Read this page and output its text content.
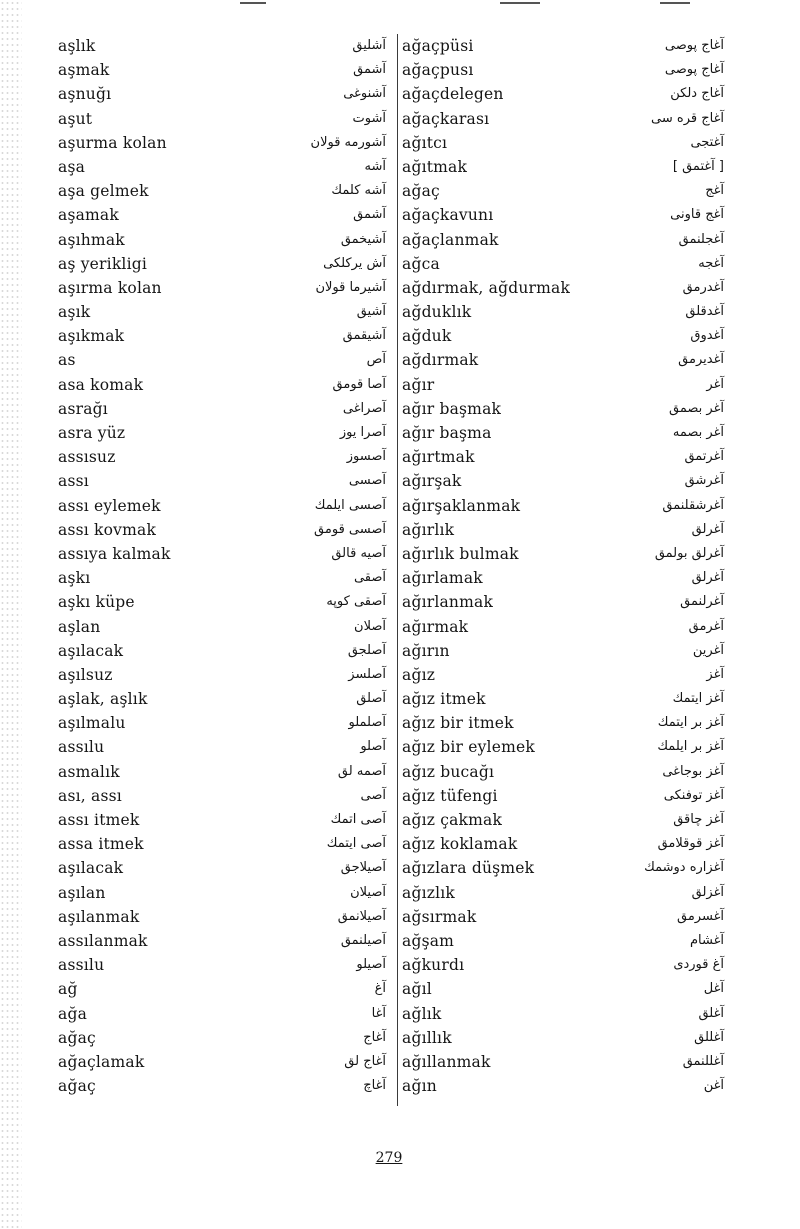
aşlık	آشليق
aşmak	آشمق
aşnuğı	آشنوغى
aşut	آشوت
aşurma kolan	آشورمه قولان
aşa	آشه
aşa gelmek	آشه كلمك
aşamak	آشمق
aşıhmak	آشيخمق
aş yerikligi	آش يركلكى
aşırma kolan	آشيرما قولان
aşık	آشيق
aşıkmak	آشيقمق
as	آص
asa komak	آصا قومق
asrağı	آصراغى
asra yüz	آصرا يوز
assısuz	آصسوز
assı	آصسى
assı eylemek	آصسى ايلمك
assı kovmak	آصسى قومق
assıya kalmak	آصيه قالق
aşkı	آصقى
aşkı küpe	آصقى كوپه
aşlan	آصلان
aşılacak	آصلجق
aşılsuz	آصلسز
aşlak, aşlık	آصلق
aşılmalu	آصلملو
assılu	آصلو
asmalık	آصمه لق
ası, assı	آصى
assı itmek	آصى اتمك
assa itmek	آصى ايتمك
aşılacak	آصيلاجق
aşılan	آصيلان
aşılanmak	آصيلانمق
assılanmak	آصيلنمق
assılu	آصيلو
ağ	آغ
ağa	آغا
ağaç	آغاج
ağaçlamak	آغاج لق
ağaç	آغاچ
ağaçpüsi	آغاج پوصى
ağaçpusı	آغاج پوصى
ağaçdelegen	آغاج دلكن
ağaçkarası	آغاج قره سى
ağıtcı	آغتجى
ağıtmak	[ آغتمق ]
ağaç	آغج
ağaçkavunı	آغج قاونى
ağaçlanmak	آغجلنمق
ağca	آغجه
ağdırmak, ağdurmak	آغدرمق
ağduklık	آغدقلق
ağduk	آغدوق
ağdırmak	آغديرمق
ağır	آغر
ağır başmak	آغر بصمق
ağır başma	آغر بصمه
ağırtmak	آغرتمق
ağırşak	آغرشق
ağırşaklanmak	آغرشقلنمق
ağırlık	آغرلق
ağırlık bulmak	آغرلق بولمق
ağırlamak	آغرلق
ağırlanmak	آغرلنمق
ağırmak	آغرمق
ağırın	آغرين
ağız	آغز
ağız itmek	آغز ايتمك
ağız bir itmek	آغز بر ايتمك
ağız bir eylemek	آغز بر ايلمك
ağız bucağı	آغز بوجاغى
ağız tüfengi	آغز توفنكى
ağız çakmak	آغز چاقق
ağız koklamak	آغز قوقلامق
ağızlara düşmek	آغزاره دوشمك
ağızlık	آغزلق
ağsırmak	آغسرمق
ağşam	آغشام
ağkurdı	آغ قوردى
ağıl	آغل
ağlık	آغلق
ağıllık	آغللق
ağıllanmak	آغللنمق
ağın	آغن
279
